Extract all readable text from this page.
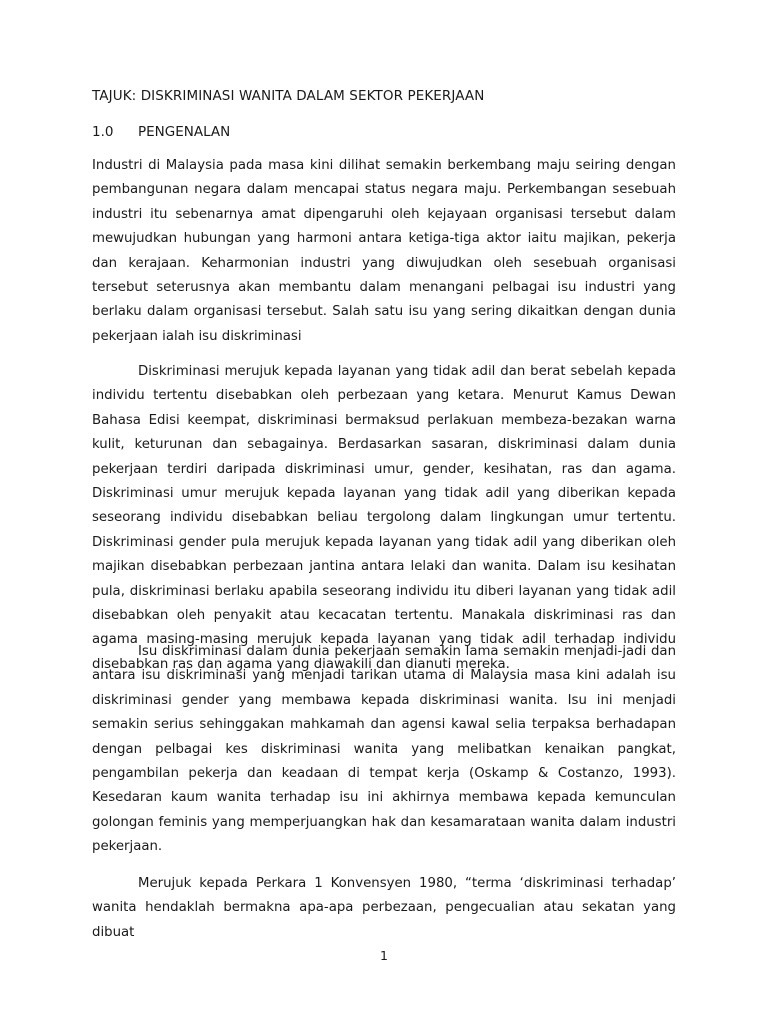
TAJUK: DISKRIMINASI WANITA DALAM SEKTOR PEKERJAAN
1.0 PENGENALAN

Industri di Malaysia pada masa kini dilihat semakin berkembang maju seiring dengan pembangunan negara dalam mencapai status negara maju. Perkembangan sesebuah industri itu sebenarnya amat dipengaruhi oleh kejayaan organisasi tersebut dalam mewujudkan hubungan yang harmoni antara ketiga-tiga aktor iaitu majikan, pekerja dan kerajaan. Keharmonian industri yang diwujudkan oleh sesebuah organisasi tersebut seterusnya akan membantu dalam menangani pelbagai isu industri yang berlaku dalam organisasi tersebut. Salah satu isu yang sering dikaitkan dengan dunia pekerjaan ialah isu diskriminasi

Diskriminasi merujuk kepada layanan yang tidak adil dan berat sebelah kepada individu tertentu disebabkan oleh perbezaan yang ketara. Menurut Kamus Dewan Bahasa Edisi keempat, diskriminasi bermaksud perlakuan membeza-bezakan warna kulit, keturunan dan sebagainya. Berdasarkan sasaran, diskriminasi dalam dunia pekerjaan terdiri daripada diskriminasi umur, gender, kesihatan, ras dan agama. Diskriminasi umur merujuk kepada layanan yang tidak adil yang diberikan kepada seseorang individu disebabkan beliau tergolong dalam lingkungan umur tertentu. Diskriminasi gender pula merujuk kepada layanan yang tidak adil yang diberikan oleh majikan disebabkan perbezaan jantina antara lelaki dan wanita. Dalam isu kesihatan pula, diskriminasi berlaku apabila seseorang individu itu diberi layanan yang tidak adil disebabkan oleh penyakit atau kecacatan tertentu. Manakala diskriminasi ras dan agama masing-masing merujuk kepada layanan yang tidak adil terhadap individu disebabkan ras dan agama yang diawakili dan dianuti mereka.

Isu diskriminasi dalam dunia pekerjaan semakin lama semakin menjadi-jadi dan antara isu diskriminasi yang menjadi tarikan utama di Malaysia masa kini adalah isu diskriminasi gender yang membawa kepada diskriminasi wanita. Isu ini menjadi semakin serius sehinggakan mahkamah dan agensi kawal selia terpaksa berhadapan dengan pelbagai kes diskriminasi wanita yang melibatkan kenaikan pangkat, pengambilan pekerja dan keadaan di tempat kerja (Oskamp & Costanzo, 1993). Kesedaran kaum wanita terhadap isu ini akhirnya membawa kepada kemunculan golongan feminis yang memperjuangkan hak dan kesamarataan wanita dalam industri pekerjaan.

Merujuk kepada Perkara 1 Konvensyen 1980, “terma ‘diskriminasi terhadap’ wanita hendaklah bermakna apa-apa perbezaan, pengecualian atau sekatan yang dibuat

1
